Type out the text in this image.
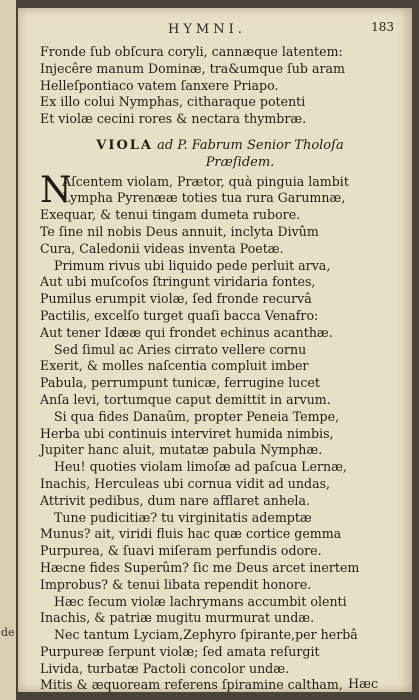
de
HYMNI.	183
Fronde ſub obſcura coryli, cannæque latentem:
Injecêre manum Dominæ, tra&umque ſub aram
Helleſpontiaco vatem ſanxere Priapo.
Ex illo colui Nymphas, citharaque potenti
Et violæ cecini rores & nectara thymbræ.
VIOLA ad P. Fabrum Senior Tholoſa
Præſidem.
N
Aſcentem violam, Prætor, quà pinguia lambit
Lympha Pyrenææ toties tua rura Garumnæ,
Exequar, & tenui tingam dumeta rubore.
Te ſine nil nobis Deus annuit, inclyta Divûm
Cura, Caledonii videas inventa Poetæ.
Primum rivus ubi liquido pede perluit arva,
Aut ubi muſcoſos ſtringunt viridaria fontes,
Pumilus erumpit violæ, ſed fronde recurvâ
Pactilis, excelſo turget quaſi bacca Venafro:
Aut tener Idææ qui frondet echinus acanthæ.
Sed ſimul ac Aries cirrato vellere cornu
Exerit, & molles naſcentia compluit imber
Pabula, perrumpunt tunicæ, ferrugine lucet
Anſa levi, tortumque caput demittit in arvum.
Si qua fides Danaûm, propter Peneia Tempe,
Herba ubi continuis interviret humida nimbis,
Jupiter hanc aluit, mutatæ pabula Nymphæ.
Heu! quoties violam limoſæ ad paſcua Lernæ,
Inachis, Herculeas ubi cornua vidit ad undas,
Attrivit pedibus, dum nare afflaret anhela.
Tune pudicitiæ? tu virginitatis ademptæ
Munus? ait, viridi fluis hac quæ cortice gemma
Purpurea, & ſuavi miſeram perfundis odore.
Hæcne fides Superûm? ſic me Deus arcet inertem
Improbus? & tenui libata rependit honore.
Hæc ſecum violæ lachrymans accumbit olenti
Inachis, & patriæ mugitu murmurat undæ.
Nec tantum Lyciam,Zephyro ſpirante,per herbâ
Purpureæ ſerpunt violæ; ſed amata reſurgit
Livida, turbatæ Pactoli concolor undæ.
Mitis & æquoream referens ſpiramine caltham, Hæc
